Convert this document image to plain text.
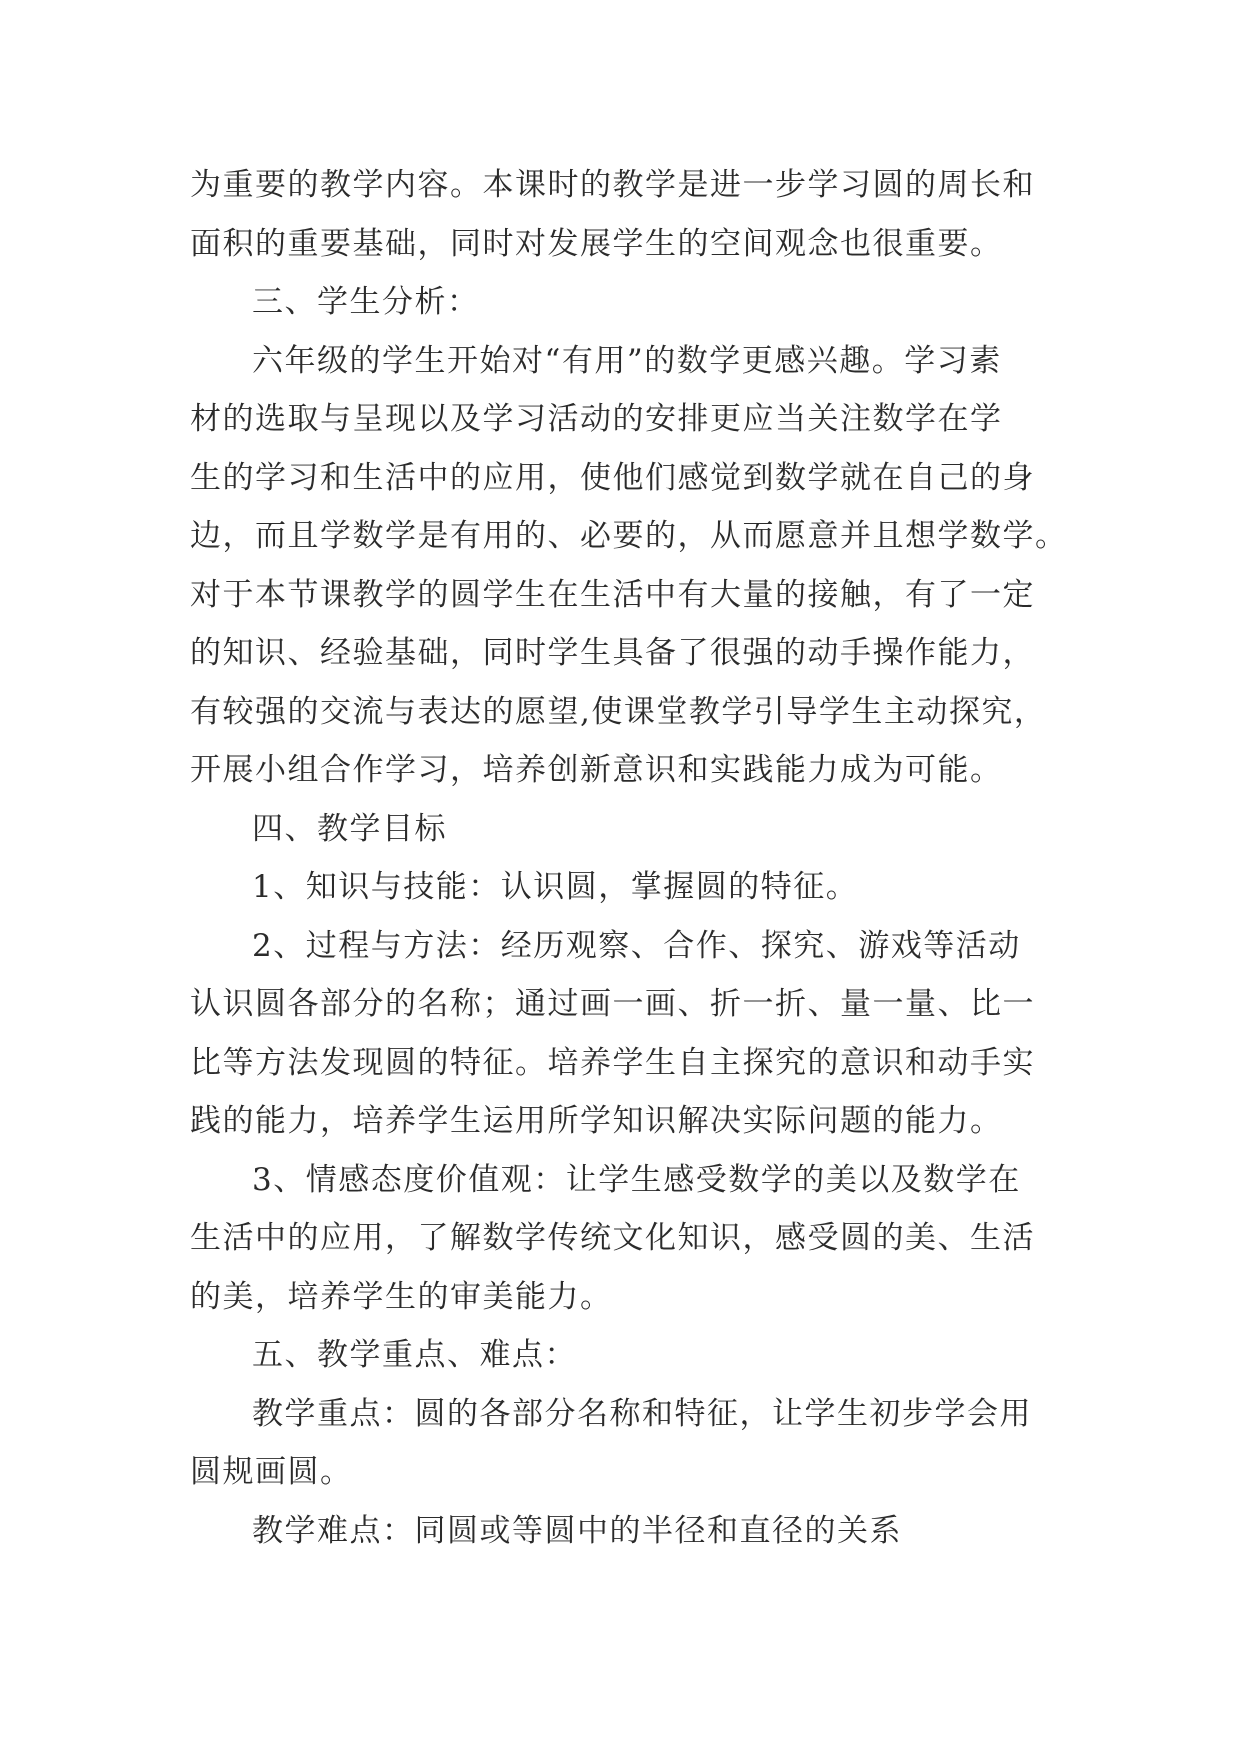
为重要的教学内容。本课时的教学是进一步学习圆的周长和

面积的重要基础，同时对发展学生的空间观念也很重要。

三、学生分析：

六年级的学生开始对“有用”的数学更感兴趣。学习素

材的选取与呈现以及学习活动的安排更应当关注数学在学

生的学习和生活中的应用，使他们感觉到数学就在自己的身

边，而且学数学是有用的、必要的，从而愿意并且想学数学。

对于本节课教学的圆学生在生活中有大量的接触，有了一定

的知识、经验基础，同时学生具备了很强的动手操作能力，

有较强的交流与表达的愿望,使课堂教学引导学生主动探究，

开展小组合作学习，培养创新意识和实践能力成为可能。

四、教学目标

1、知识与技能：认识圆，掌握圆的特征。

2、过程与方法：经历观察、合作、探究、游戏等活动

认识圆各部分的名称；通过画一画、折一折、量一量、比一

比等方法发现圆的特征。培养学生自主探究的意识和动手实

践的能力，培养学生运用所学知识解决实际问题的能力。

3、情感态度价值观：让学生感受数学的美以及数学在

生活中的应用，了解数学传统文化知识，感受圆的美、生活

的美，培养学生的审美能力。

五、教学重点、难点：

教学重点：圆的各部分名称和特征，让学生初步学会用

圆规画圆。

教学难点：同圆或等圆中的半径和直径的关系
